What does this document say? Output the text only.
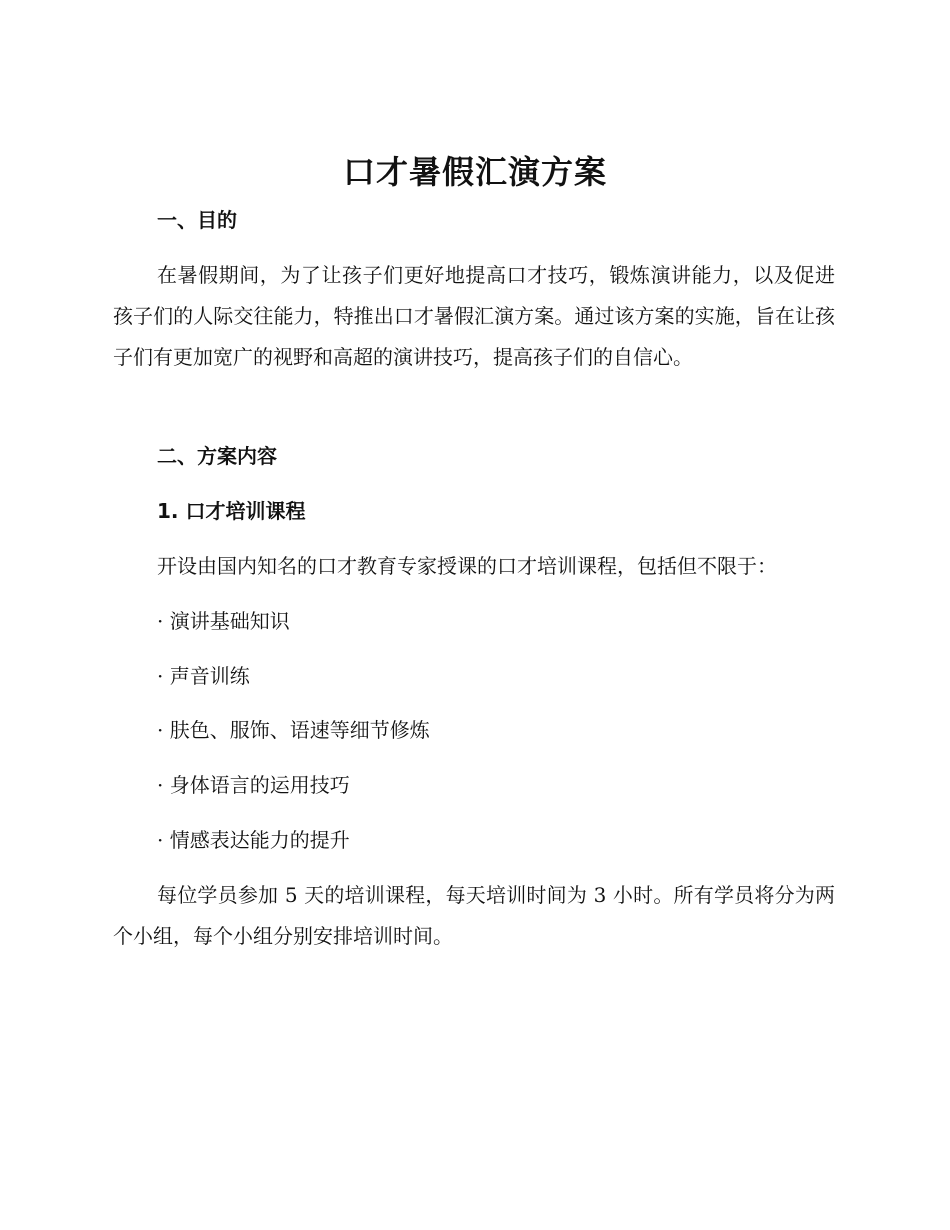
口才暑假汇演方案
一、目的

在暑假期间，为了让孩子们更好地提高口才技巧，锻炼演讲能力，以及促进孩子们的人际交往能力，特推出口才暑假汇演方案。通过该方案的实施，旨在让孩子们有更加宽广的视野和高超的演讲技巧，提高孩子们的自信心。

二、方案内容
1. 口才培训课程
开设由国内知名的口才教育专家授课的口才培训课程，包括但不限于：
· 演讲基础知识
· 声音训练
· 肤色、服饰、语速等细节修炼
· 身体语言的运用技巧
· 情感表达能力的提升

每位学员参加 5 天的培训课程，每天培训时间为 3 小时。所有学员将分为两个小组，每个小组分别安排培训时间。
